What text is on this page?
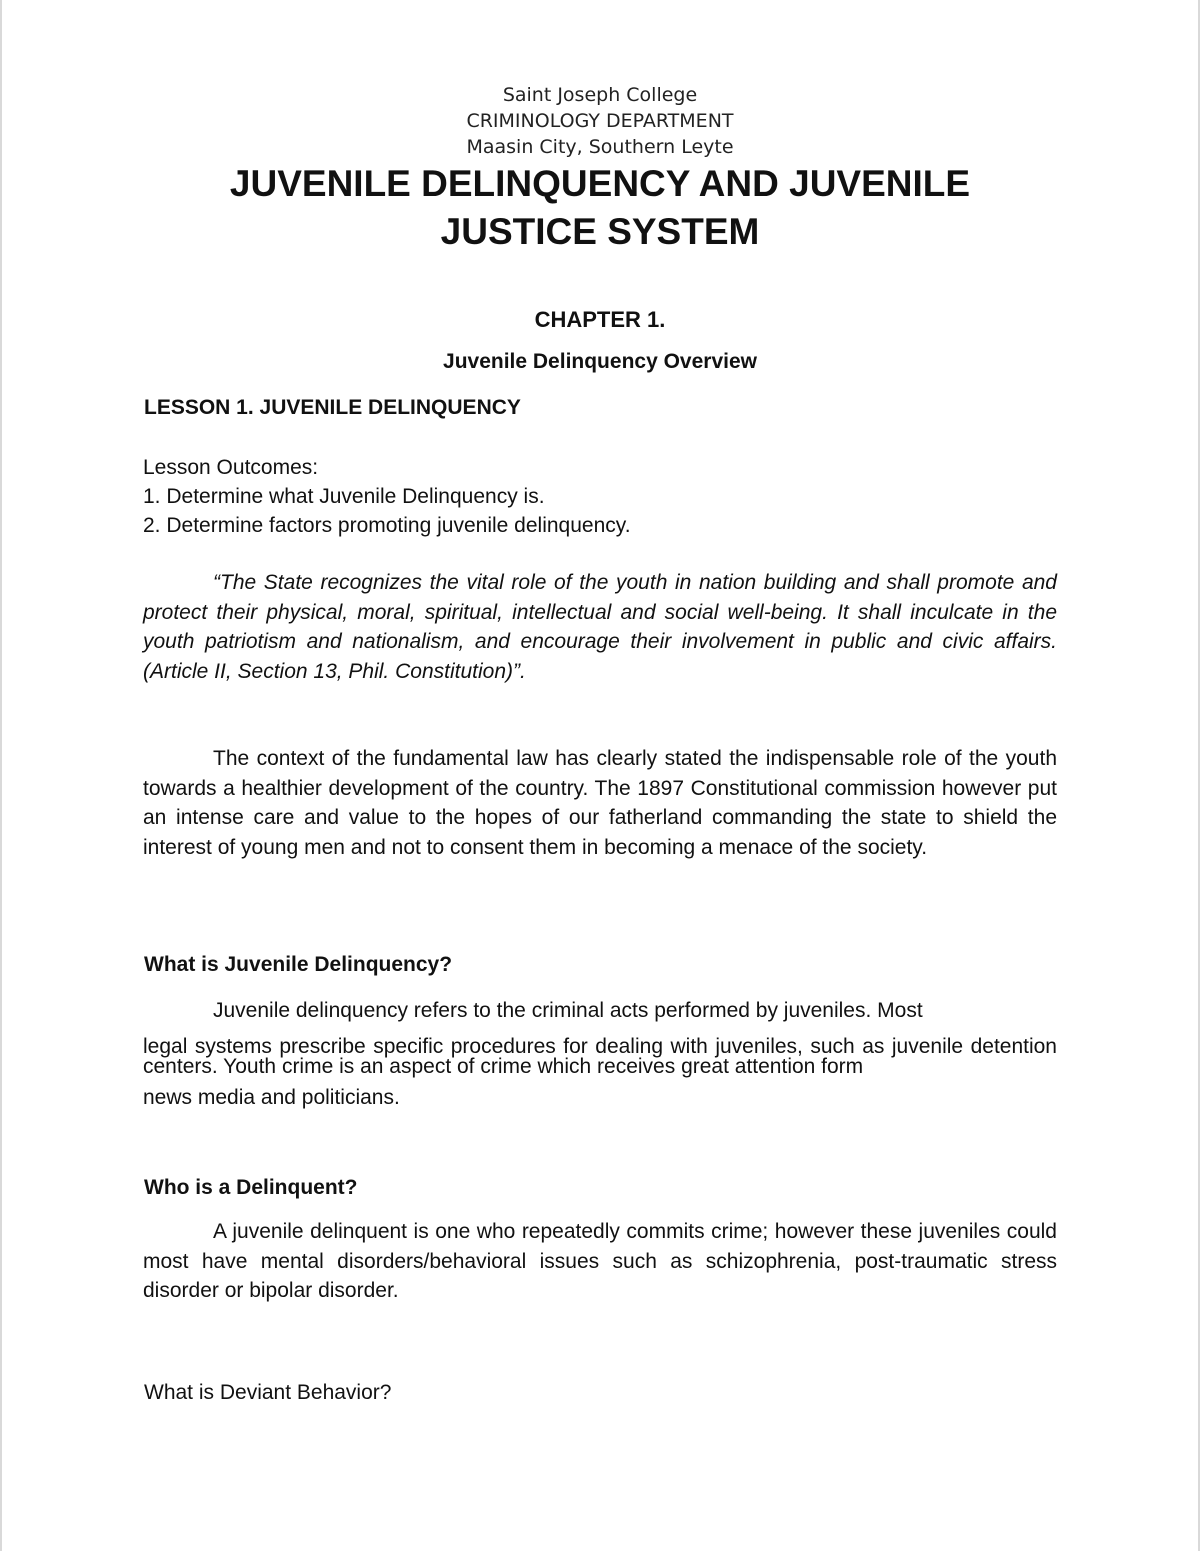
Saint Joseph College
CRIMINOLOGY DEPARTMENT
Maasin City, Southern Leyte
JUVENILE DELINQUENCY AND JUVENILE
JUSTICE SYSTEM
CHAPTER 1.
Juvenile Delinquency Overview
LESSON 1. JUVENILE DELINQUENCY
Lesson Outcomes:
1. Determine what Juvenile Delinquency is.
2. Determine factors promoting juvenile delinquency.
“The State recognizes the vital role of the youth in nation building and shall promote and protect their physical, moral, spiritual, intellectual and social well-being. It shall inculcate in the youth patriotism and nationalism, and encourage their involvement in public and civic affairs. (Article II, Section 13, Phil. Constitution)”.
The context of the fundamental law has clearly stated the indispensable role of the youth towards a healthier development of the country. The 1897 Constitutional commission however put an intense care and value to the hopes of our fatherland commanding the state to shield the interest of young men and not to consent them in becoming a menace of the society.
What is Juvenile Delinquency?
Juvenile delinquency refers to the criminal acts performed by juveniles. Most
legal systems prescribe specific procedures for dealing with juveniles, such as juvenile detention centers. Youth crime is an aspect of crime which receives great attention form
news media and politicians.
Who is a Delinquent?
A juvenile delinquent is one who repeatedly commits crime; however these juveniles could most have mental disorders/behavioral issues such as schizophrenia, post-traumatic stress disorder or bipolar disorder.
What is Deviant Behavior?
